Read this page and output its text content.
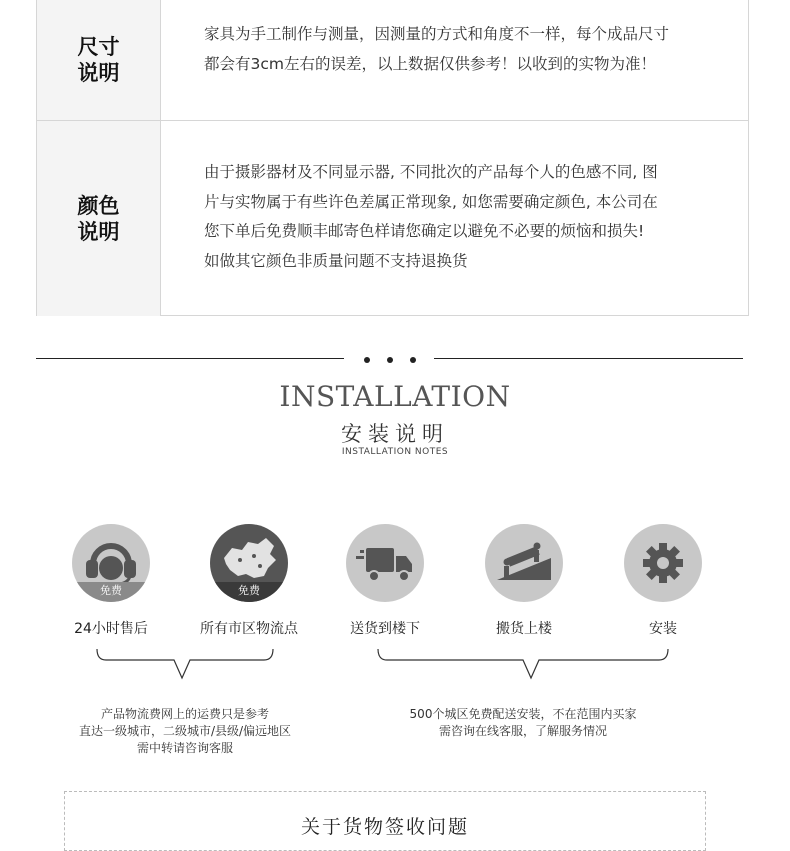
尺寸
说明
家具为手工制作与测量，因测量的方式和角度不一样，每个成品尺寸
都会有3cm左右的误差，以上数据仅供参考！以收到的实物为准！
颜色
说明
由于摄影器材及不同显示器, 不同批次的产品每个人的色感不同, 图
片与实物属于有些许色差属正常现象, 如您需要确定颜色, 本公司在
您下单后免费顺丰邮寄色样请您确定以避免不必要的烦恼和损失!
如做其它颜色非质量问题不支持退换货
INSTALLATION
安装说明
INSTALLATION NOTES
免费
24小时售后
免费
所有市区物流点	送货到楼下	搬货上楼	安装
产品物流费网上的运费只是参考
直达一级城市，二级城市/县级/偏远地区
需中转请咨询客服
500个城区免费配送安装，不在范围内买家
需咨询在线客服，了解服务情况
关于货物签收问题
